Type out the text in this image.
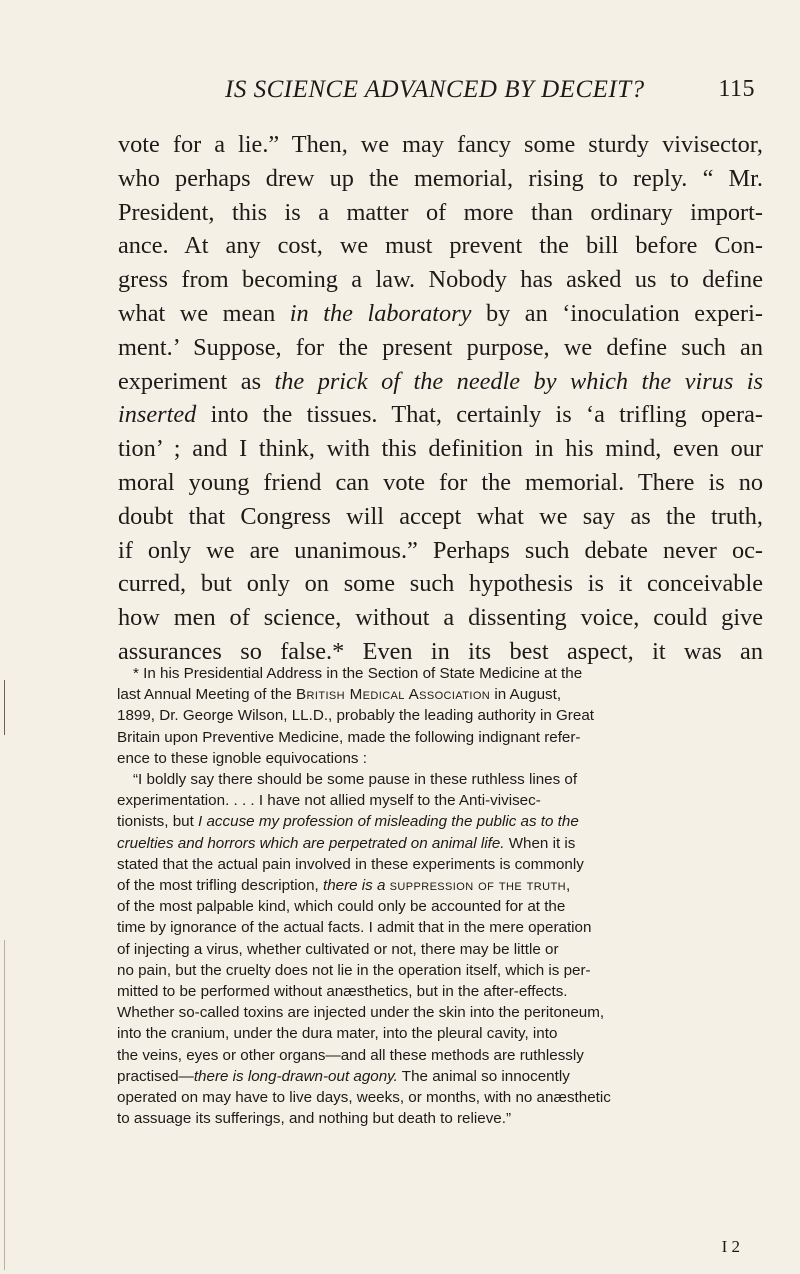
IS SCIENCE ADVANCED BY DECEIT?	115

vote for a lie.” Then, we may fancy some sturdy vivisector,

who perhaps drew up the memorial, rising to reply. “ Mr.

President, this is a matter of more than ordinary import-

ance. At any cost, we must prevent the bill before Con-

gress from becoming a law. Nobody has asked us to define

what we mean in the laboratory by an ‘inoculation experi-

ment.’ Suppose, for the present purpose, we define such an

experiment as the prick of the needle by which the virus is

inserted into the tissues. That, certainly is ‘a trifling opera-

tion’ ; and I think, with this definition in his mind, even our

moral young friend can vote for the memorial. There is no

doubt that Congress will accept what we say as the truth,

if only we are unanimous.” Perhaps such debate never oc-

curred, but only on some such hypothesis is it conceivable

how men of science, without a dissenting voice, could give

assurances so false.* Even in its best aspect, it was an

* In his Presidential Address in the Section of State Medicine at the

last Annual Meeting of the British Medical Association in August,

1899, Dr. George Wilson, LL.D., probably the leading authority in Great

Britain upon Preventive Medicine, made the following indignant refer-

ence to these ignoble equivocations :

“I boldly say there should be some pause in these ruthless lines of

experimentation. . . . I have not allied myself to the Anti-vivisec-

tionists, but I accuse my profession of misleading the public as to the

cruelties and horrors which are perpetrated on animal life. When it is

stated that the actual pain involved in these experiments is commonly

of the most trifling description, there is a suppression of the truth,

of the most palpable kind, which could only be accounted for at the

time by ignorance of the actual facts. I admit that in the mere operation

of injecting a virus, whether cultivated or not, there may be little or

no pain, but the cruelty does not lie in the operation itself, which is per-

mitted to be performed without anæsthetics, but in the after-effects.

Whether so-called toxins are injected under the skin into the peritoneum,

into the cranium, under the dura mater, into the pleural cavity, into

the veins, eyes or other organs—and all these methods are ruthlessly

practised—there is long-drawn-out agony. The animal so innocently

operated on may have to live days, weeks, or months, with no anæsthetic

to assuage its sufferings, and nothing but death to relieve.”

I 2
